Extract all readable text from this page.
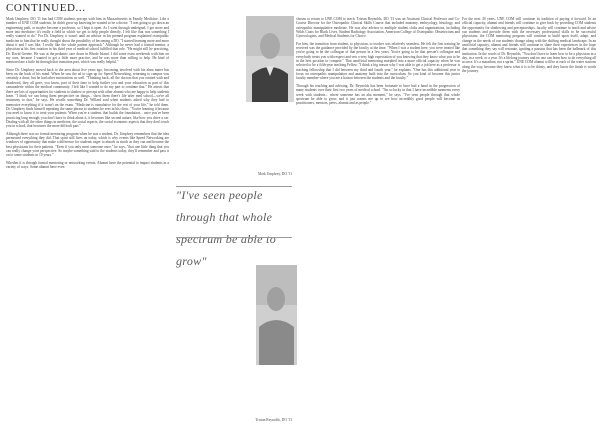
CONTINUED...

Mark Umphrey, DO '11 has had COM students precept with him in Massachusetts in Family Medicine. Like a number of UNE COM students, he didn't grow up knowing he wanted to be a doctor. "I was going to go down an engineering path, or maybe become a professor, so I kept it open. As I went through undergrad, I got more and more into medicine; it's really a field in which we get to help people directly. I felt like that was something I really wanted to do." For Dr. Umphrey, it wasn't until an advisor in his premed program explained osteopathic medicine to him that he really thought about the possibility of becoming a DO. "I started learning more and more about it and I was like, I really like the whole patient approach." Although he never had a formal mentor, a physician at his first rotation in his third year of medical school fulfilled that role. "He might still be practicing, Dr. David Greene. He was at the pediatric care down in Rhode Island. I did some extra weekends with him on my own, because I wanted to get a little more practice, and he was more than willing to help. He kind of mentored me a little bit through that transition part, which was really helpful."

Since Dr. Umphrey moved back to the area about five years ago, becoming involved with his alma mater has been on the back of his mind. When he saw the ad to sign up for Speed Networking, returning to campus was certainly a draw, but he had other motivations as well. "Thinking back, all the doctors that you rotated with and shadowed, they all gave, you know, part of their time to help further you and your education as part of this camaraderie within the medical community. I felt like I wanted to do my part to continue that." He attests that there are lots of opportunities for students to shadow or precept with other alumni who are happy to help students learn. "I think we can bring them perspective on things... show them there's life after med school—we're all testimony to that," he says. He recalls something Dr. Willard said when students asked why they had to memorize everything if it wasn't on the exam. "Medicine is cumulative for the rest of your life," he told them. Dr. Umphrey finds himself repeating the same phrase to students he sees in his clinic. "You're learning it because you need to know it to treat your patients. When you're a student, that builds the foundation... once you've been practicing long enough, you don't have to think about it, it becomes like second nature, like how you drive a car. Dealing with all the other things in medicine, the social aspects, the social economic aspects that they don't teach you in school, that becomes the more difficult part."

Although there was no formal mentoring program when he was a student, Dr. Umphrey remembers that the idea permeated everything they did. That spirit still lives on today, which is why events like Speed Networking are windows of opportunity that make a difference for students eager to absorb as much as they can and become the best physicians for their patients. "Even if you only meet someone once," he says, "that one little thing that you can really change your perspective. So maybe something said to the students today, they'll remember and pass it on to some students in 10 years."

Whether it is through formal mentoring or networking events, Alumni have the potential to impact students in a variety of ways. Some alumni have even

Mark Umphrey, DO '11
"I've seen people through that whole spectrum be able to grow"
Tristan Reynolds, DO '13

chosen to return to UNE COM to teach. Tristan Reynolds, DO '13 was an Assistant Clinical Professor and Co-Course Director for the Osteopathic Clinical Skills Course that included anatomy, embryology, histology, and osteopathic manipulative medicine. He was also advisor to multiple student clubs and organizations, including Wilds Coats for Black Lives, Student Radiology Association, American College of Osteopathic Obstetricians and Gynecologists, and Medical Students for Choice.

For him, the transition from student, to physician, to teacher was relatively seamless. He felt the first training he received was the guidance provided by the faculty at the time. "When I was a student here, you were treated like you're going to be the colleague of that person in a few years. You're going to be that person's colleague and everybody treats you with respect and sets a very high expectation of you knowing that they know what you to be in the best position to compete." That unofficial mentoring morphed into a more official capacity when he was selected to be a fifth-year teaching Fellow. "I think a big reason why I was able to get a job here as a professor is teaching fellowship that I did between my third and fourth year," he explains. "One has this additional year to focus on osteopathic manipulation and anatomy built into the curriculum. So you kind of become this junior faculty member where you are a liaison between the students and the faculty."

Through his teaching and advising, Dr. Reynolds has been fortunate to have had a hand in the progression of many students over their first two years of medical school. "I'm so lucky in that I have incredible moments every week with students... where someone has an aha moment," he says. "I've seen people through that whole spectrum be able to grow, and it just warms me up to see how incredibly good people will become as practitioners, mentors, peers, alumni and as people."

For the next 40 years, UNE COM will continue its tradition of paying it forward. In an official capacity, alumni and friends will continue to give back by providing COM students the opportunity for shadowing and preceptorships, faculty will continue to teach and advise our students and provide them with the necessary professional skills to be successful physicians; the COM mentoring program will continue to build upon itself, adapt, and change as the needs of our students change along with the shifting medical landscape. In an unofficial capacity, alumni and friends will continue to share their experiences in the hope that something they say will resonate, igniting a passion that has been the hallmark of this institution. In the words of Dr. Reynolds, "You don't have to learn how to be a physician in a day, in a week, or a year. It's a lifelong journey and no one can learn how to do everything all at once. It's a marathon, not a sprint." UNE COM alumni will be at each of the water stations along the way, because they know what it is to be thirsty, and they know the finish is worth the journey.
